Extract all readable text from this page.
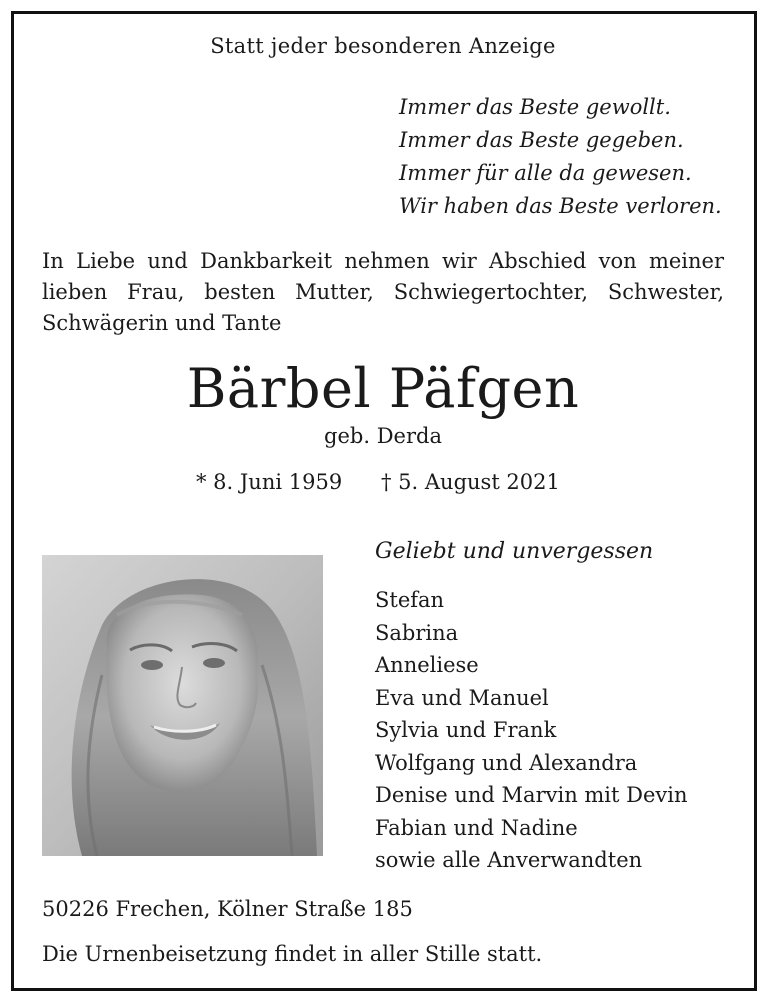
Statt jeder besonderen Anzeige
Immer das Beste gewollt.
Immer das Beste gegeben.
Immer für alle da gewesen.
Wir haben das Beste verloren.
In Liebe und Dankbarkeit nehmen wir Abschied von meiner lieben Frau, besten Mutter, Schwiegertochter, Schwester, Schwägerin und Tante
Bärbel Päfgen
geb. Derda
* 8. Juni 1959 † 5. August 2021
Geliebt und unvergessen
Stefan
Sabrina
Anneliese
Eva und Manuel
Sylvia und Frank
Wolfgang und Alexandra
Denise und Marvin mit Devin
Fabian und Nadine
sowie alle Anverwandten
50226 Frechen, Kölner Straße 185
Die Urnenbeisetzung findet in aller Stille statt.
